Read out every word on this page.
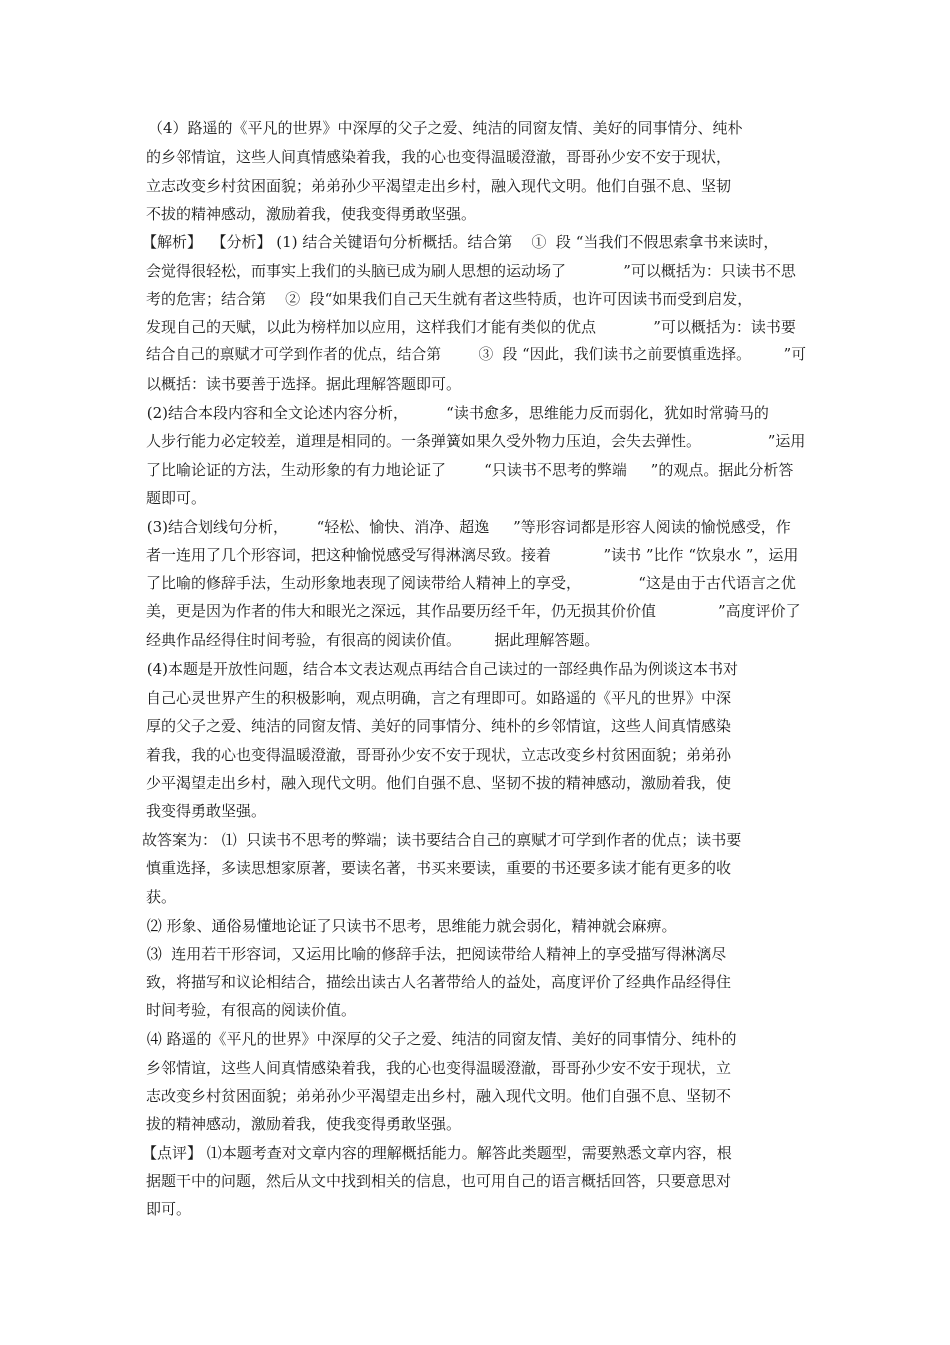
（4）路遥的《平凡的世界》中深厚的父子之爱、纯洁的同窗友情、美好的同事情分、纯朴
的乡邻情谊，这些人间真情感染着我，我的心也变得温暖澄澈，哥哥孙少安不安于现状，
立志改变乡村贫困面貌；弟弟孙少平渴望走出乡村，融入现代文明。他们自强不息、坚韧
不拔的精神感动，激励着我，使我变得勇敢坚强。
【解析】  【分析】 (1) 结合关键语句分析概括。结合第    ①  段 “当我们不假思索拿书来读时，
会觉得很轻松，而事实上我们的头脑已成为刷人思想的运动场了            ”可以概括为：只读书不思
考的危害；结合第    ②  段“如果我们自己天生就有者这些特质，也许可因读书而受到启发，
发现自己的天赋，以此为榜样加以应用，这样我们才能有类似的优点            ”可以概括为：读书要
结合自己的禀赋才可学到作者的优点，结合第        ③  段 “因此，我们读书之前要慎重选择。       ”可
以概括：读书要善于选择。据此理解答题即可。
(2)结合本段内容和全文论述内容分析，        “读书愈多，思维能力反而弱化，犹如时常骑马的
人步行能力必定较差，道理是相同的。一条弹簧如果久受外物力压迫，会失去弹性。              ”运用
了比喻论证的方法，生动形象的有力地论证了        “只读书不思考的弊端     ”的观点。据此分析答
题即可。
(3)结合划线句分析，      “轻松、愉快、消净、超逸     ”等形容词都是形容人阅读的愉悦感受，作
者一连用了几个形容词，把这种愉悦感受写得淋漓尽致。接着           ”读书 ”比作 “饮泉水 ”，运用
了比喻的修辞手法，生动形象地表现了阅读带给人精神上的享受，            “这是由于古代语言之优
美，更是因为作者的伟大和眼光之深远，其作品要历经千年，仍无损其价价值             ”高度评价了
经典作品经得住时间考验，有很高的阅读价值。       据此理解答题。
(4)本题是开放性问题，结合本文表达观点再结合自己读过的一部经典作品为例谈这本书对
自己心灵世界产生的积极影响，观点明确，言之有理即可。如路遥的《平凡的世界》中深
厚的父子之爱、纯洁的同窗友情、美好的同事情分、纯朴的乡邻情谊，这些人间真情感染
着我，我的心也变得温暖澄澈，哥哥孙少安不安于现状，立志改变乡村贫困面貌；弟弟孙
少平渴望走出乡村，融入现代文明。他们自强不息、坚韧不拔的精神感动，激励着我，使
我变得勇敢坚强。
故答案为： ⑴  只读书不思考的弊端；读书要结合自己的禀赋才可学到作者的优点；读书要
慎重选择，多读思想家原著，要读名著，书买来要读，重要的书还要多读才能有更多的收
获。
⑵ 形象、通俗易懂地论证了只读书不思考，思维能力就会弱化，精神就会麻痹。
⑶  连用若干形容词，又运用比喻的修辞手法，把阅读带给人精神上的享受描写得淋漓尽
致，将描写和议论相结合，描绘出读古人名著带给人的益处，高度评价了经典作品经得住
时间考验，有很高的阅读价值。
⑷ 路遥的《平凡的世界》中深厚的父子之爱、纯洁的同窗友情、美好的同事情分、纯朴的
乡邻情谊，这些人间真情感染着我，我的心也变得温暖澄澈，哥哥孙少安不安于现状，立
志改变乡村贫困面貌；弟弟孙少平渴望走出乡村，融入现代文明。他们自强不息、坚韧不
拔的精神感动，激励着我，使我变得勇敢坚强。
【点评】 ⑴本题考查对文章内容的理解概括能力。解答此类题型，需要熟悉文章内容，根
据题干中的问题，然后从文中找到相关的信息，也可用自己的语言概括回答，只要意思对
即可。
